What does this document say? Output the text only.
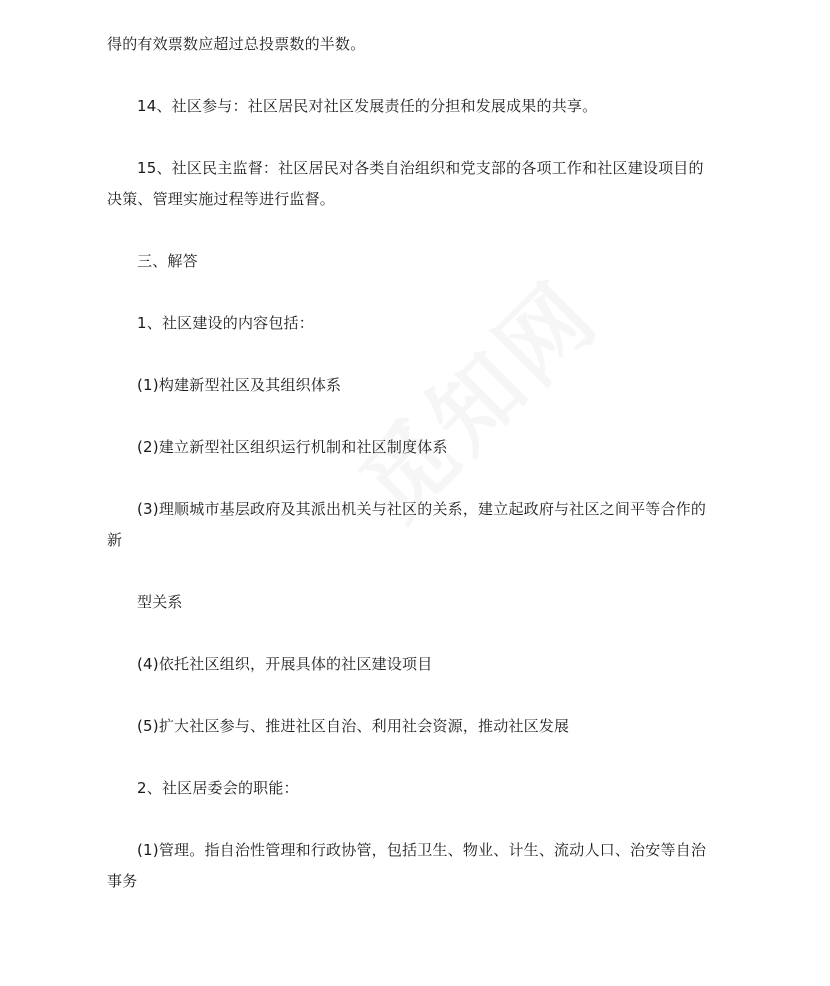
得的有效票数应超过总投票数的半数。
14、社区参与：社区居民对社区发展责任的分担和发展成果的共享。
15、社区民主监督：社区居民对各类自治组织和党支部的各项工作和社区建设项目的
决策、管理实施过程等进行监督。
三、解答
1、社区建设的内容包括：
(1)构建新型社区及其组织体系
(2)建立新型社区组织运行机制和社区制度体系
(3)理顺城市基层政府及其派出机关与社区的关系，建立起政府与社区之间平等合作的
新
型关系
(4)依托社区组织，开展具体的社区建设项目
(5)扩大社区参与、推进社区自治、利用社会资源，推动社区发展
2、社区居委会的职能：
(1)管理。指自治性管理和行政协管，包括卫生、物业、计生、流动人口、治安等自治
事务
